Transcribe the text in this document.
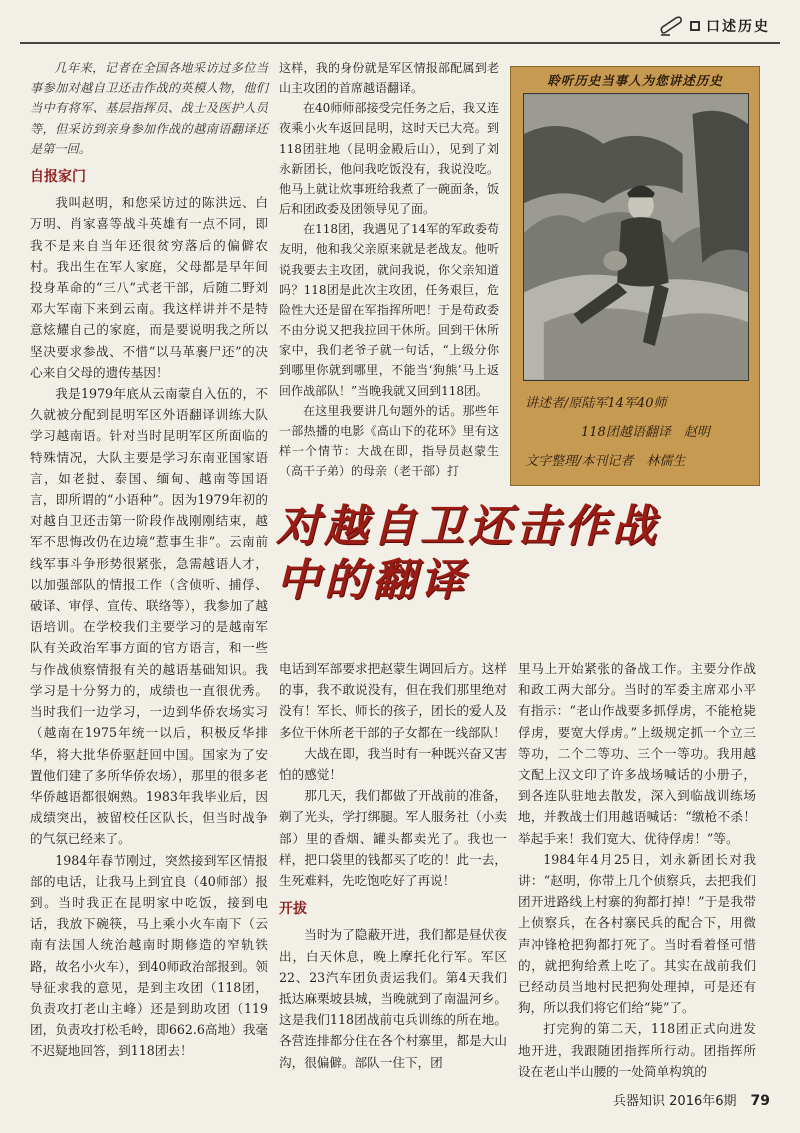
口述历史

几年来，记者在全国各地采访过多位当事参加对越自卫还击作战的英模人物，他们当中有将军、基层指挥员、战士及医护人员等，但采访到亲身参加作战的越南语翻译还是第一回。

自报家门

我叫赵明，和您采访过的陈洪远、白万明、肖家喜等战斗英雄有一点不同，即我不是来自当年还很贫穷落后的偏僻农村。我出生在军人家庭，父母都是早年间投身革命的“三八”式老干部，后随二野刘邓大军南下来到云南。我这样讲并不是特意炫耀自己的家庭，而是要说明我之所以坚决要求参战、不惜“以马革裹尸还”的决心来自父母的遗传基因！

我是1979年底从云南蒙自入伍的，不久就被分配到昆明军区外语翻译训练大队学习越南语。针对当时昆明军区所面临的特殊情况，大队主要是学习东南亚国家语言，如老挝、泰国、缅甸、越南等国语言，即所谓的“小语种”。因为1979年初的对越自卫还击第一阶段作战刚刚结束，越军不思悔改仍在边境“惹事生非”。云南前线军事斗争形势很紧张，急需越语人才，以加强部队的情报工作（含侦听、捕俘、破译、审俘、宣传、联络等），我参加了越语培训。在学校我们主要学习的是越南军队有关政治军事方面的官方语言，和一些与作战侦察情报有关的越语基础知识。我学习是十分努力的，成绩也一直很优秀。当时我们一边学习，一边到华侨农场实习（越南在1975年统一以后，积极反华排华，将大批华侨驱赶回中国。国家为了安置他们建了多所华侨农场），那里的很多老华侨越语都很娴熟。1983年我毕业后，因成绩突出，被留校任区队长，但当时战争的气氛已经来了。

1984年春节刚过，突然接到军区情报部的电话，让我马上到宜良（40师部）报到。当时我正在昆明家中吃饭，接到电话，我放下碗筷，马上乘小火车南下（云南有法国人统治越南时期修造的窄轨铁路，故名小火车），到40师政治部报到。领导征求我的意见，是到主攻团（118团，负责攻打老山主峰）还是到助攻团（119团，负责攻打松毛岭，即662.6高地）我毫不迟疑地回答，到118团去！

这样，我的身份就是军区情报部配属到老山主攻团的首席越语翻译。

在40师师部接受完任务之后，我又连夜乘小火车返回昆明，这时天已大亮。到118团驻地（昆明金殿后山），见到了刘永新团长，他问我吃饭没有，我说没吃。他马上就让炊事班给我煮了一碗面条，饭后和团政委及团领导见了面。

在118团，我遇见了14军的军政委苟友明，他和我父亲原来就是老战友。他听说我要去主攻团，就问我说，你父亲知道吗？118团是此次主攻团，任务艰巨，危险性大还是留在军指挥所吧！于是苟政委不由分说又把我拉回干休所。回到干休所家中，我们老爷子就一句话，“上级分你到哪里你就到哪里，不能当‘狗熊’马上返回作战部队！”当晚我就又回到118团。

在这里我要讲几句题外的话。那些年一部热播的电影《高山下的花环》里有这样一个情节：大战在即，指导员赵蒙生（高干子弟）的母亲（老干部）打

聆听历史当事人为您讲述历史
讲述者/原陆军14军40师
118团越语翻译　赵明
文字整理/本刊记者　林儒生
对越自卫还击作战
中的翻译

电话到军部要求把赵蒙生调回后方。这样的事，我不敢说没有，但在我们那里绝对没有！军长、师长的孩子，团长的爱人及多位干休所老干部的子女都在一线部队！

大战在即，我当时有一种既兴奋又害怕的感觉！

那几天，我们都做了开战前的准备，剃了光头，学打绑腿。军人服务社（小卖部）里的香烟、罐头都卖光了。我也一样，把口袋里的钱都买了吃的！此一去，生死难料，先吃饱吃好了再说！

开拔

当时为了隐蔽开进，我们都是昼伏夜出，白天休息，晚上摩托化行军。军区22、23汽车团负责运我们。第4天我们抵达麻栗坡县城，当晚就到了南温河乡。这是我们118团战前屯兵训练的所在地。各营连排都分住在各个村寨里，都是大山沟，很偏僻。部队一住下，团

里马上开始紧张的备战工作。主要分作战和政工两大部分。当时的军委主席邓小平有指示：“老山作战要多抓俘虏，不能枪毙俘虏，要宽大俘虏。”上级规定抓一个立三等功，二个二等功、三个一等功。我用越文配上汉文印了许多战场喊话的小册子，到各连队驻地去散发，深入到临战训练场地，并教战士们用越语喊话：“缴枪不杀！举起手来！我们宽大、优待俘虏！”等。

1984年4月25日，刘永新团长对我讲：“赵明，你带上几个侦察兵，去把我们团开进路线上村寨的狗都打掉！”于是我带上侦察兵，在各村寨民兵的配合下，用微声冲锋枪把狗都打死了。当时看着怪可惜的，就把狗给煮上吃了。其实在战前我们已经动员当地村民把狗处理掉，可是还有狗，所以我们将它们给“毙”了。

打完狗的第二天，118团正式向进发地开进，我跟随团指挥所行动。团指挥所设在老山半山腰的一处简单构筑的

兵器知识 2016年6期 79
